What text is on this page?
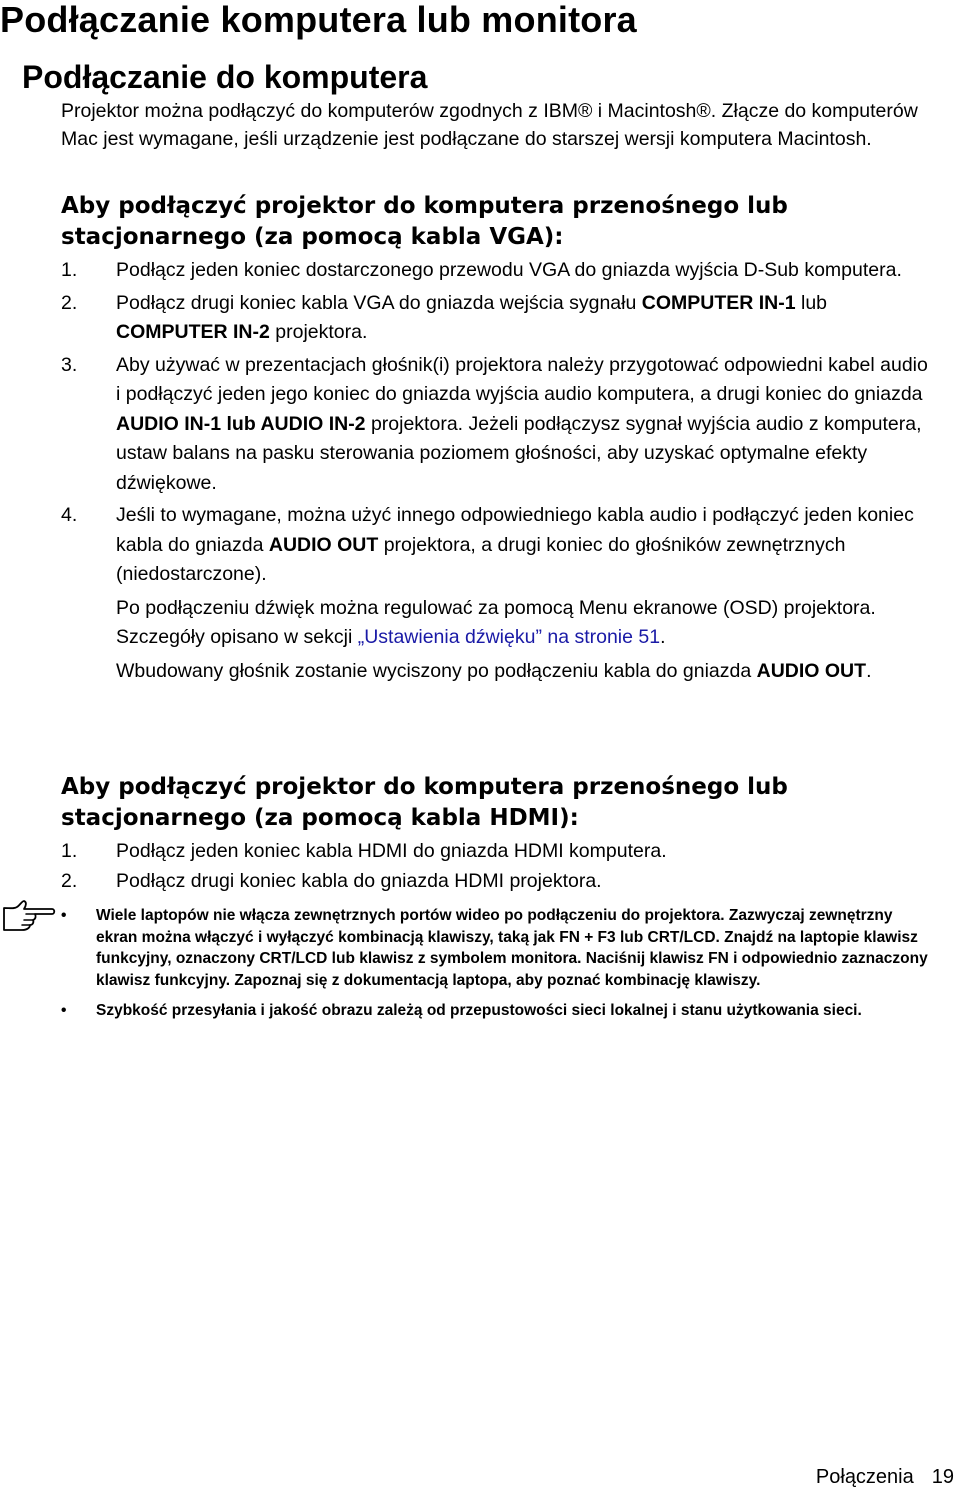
Podłączanie komputera lub monitora
Podłączanie do komputera

Projektor można podłączyć do komputerów zgodnych z IBM® i Macintosh®. Złącze do komputerów Mac jest wymagane, jeśli urządzenie jest podłączane do starszej wersji komputera Macintosh.

Aby podłączyć projektor do komputera przenośnego lub stacjonarnego (za pomocą kabla VGA):
1. Podłącz jeden koniec dostarczonego przewodu VGA do gniazda wyjścia D-Sub komputera.
2. Podłącz drugi koniec kabla VGA do gniazda wejścia sygnału COMPUTER IN-1 lub COMPUTER IN-2 projektora.
3. Aby używać w prezentacjach głośnik(i) projektora należy przygotować odpowiedni kabel audio i podłączyć jeden jego koniec do gniazda wyjścia audio komputera, a drugi koniec do gniazda AUDIO IN-1 lub AUDIO IN-2 projektora. Jeżeli podłączysz sygnał wyjścia audio z komputera, ustaw balans na pasku sterowania poziomem głośności, aby uzyskać optymalne efekty dźwiękowe.
4. Jeśli to wymagane, można użyć innego odpowiedniego kabla audio i podłączyć jeden koniec kabla do gniazda AUDIO OUT projektora, a drugi koniec do głośników zewnętrznych (niedostarczone).
Po podłączeniu dźwięk można regulować za pomocą Menu ekranowe (OSD) projektora. Szczegóły opisano w sekcji „Ustawienia dźwięku” na stronie 51.
Wbudowany głośnik zostanie wyciszony po podłączeniu kabla do gniazda AUDIO OUT.
Aby podłączyć projektor do komputera przenośnego lub stacjonarnego (za pomocą kabla HDMI):
1. Podłącz jeden koniec kabla HDMI do gniazda HDMI komputera.
2. Podłącz drugi koniec kabla do gniazda HDMI projektora.
• Wiele laptopów nie włącza zewnętrznych portów wideo po podłączeniu do projektora. Zazwyczaj zewnętrzny ekran można włączyć i wyłączyć kombinacją klawiszy, taką jak FN + F3 lub CRT/LCD. Znajdź na laptopie klawisz funkcyjny, oznaczony CRT/LCD lub klawisz z symbolem monitora. Naciśnij klawisz FN i odpowiednio zaznaczony klawisz funkcyjny. Zapoznaj się z dokumentacją laptopa, aby poznać kombinację klawiszy.
• Szybkość przesyłania i jakość obrazu zależą od przepustowości sieci lokalnej i stanu użytkowania sieci.
Połączenia 19
